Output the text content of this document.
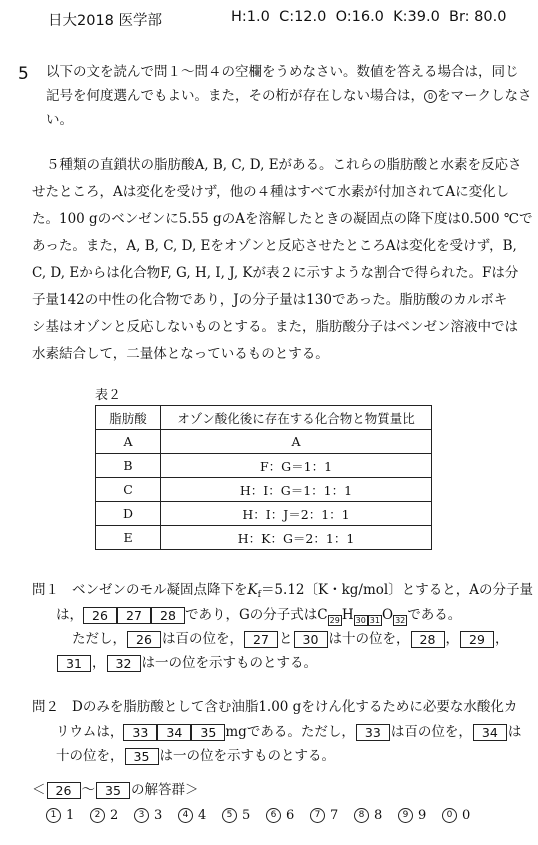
日大2018 医学部	H:1.0  C:12.0  O:16.0  K:39.0  Br: 80.0
5 以下の文を読んで問１～問４の空欄をうめなさい。数値を答える場合は，同じ
記号を何度選んでもよい。また，その桁が存在しない場合は， 0 をマークしなさ
い。
５種類の直鎖状の脂肪酸A, B, C, D, Eがある。これらの脂肪酸と水素を反応さ
せたところ，Aは変化を受けず，他の４種はすべて水素が付加されてAに変化し
た。100 gのベンゼンに5.55 gのAを溶解したときの凝固点の降下度は0.500 ℃で
あった。また，A, B, C, D, Eをオゾンと反応させたところAは変化を受けず，B,
C, D, Eからは化合物F, G, H, I, J, Kが表２に示すような割合で得られた。Fは分
子量142の中性の化合物であり，Jの分子量は130であった。脂肪酸のカルボキ
シ基はオゾンと反応しないものとする。また，脂肪酸分子はベンゼン溶液中では
水素結合して，二量体となっているものとする。
表２
脂肪酸	オゾン酸化後に存在する化合物と物質量比
A	A
B	F：G＝1：1
C	H：I：G＝1：1：1
D	H：I：J＝2：1：1
E	H：K：G＝2：1：1
問１ ベンゼンのモル凝固点降下を$K_f=5.12$〔K・kg/mol〕とすると，Aの分子量
は， 26 27 28 であり，Gの分子式はC 29 H 30 31 O 32 である。
ただし， 26 は百の位を， 27 と 30 は十の位を， 28 ， 29 ，
31 ， 32 は一の位を示すものとする。
問２ Dのみを脂肪酸として含む油脂1.00 gをけん化するために必要な水酸化カ
リウムは， 33 34 35 mgである。ただし， 33 は百の位を， 34 は
十の位を， 35 は一の位を示すものとする。
＜ 26 ～ 35 の解答群＞
1 1	2 2	3 3	4 4	5 5	6 6	7 7	8 8	9 9	0 0
